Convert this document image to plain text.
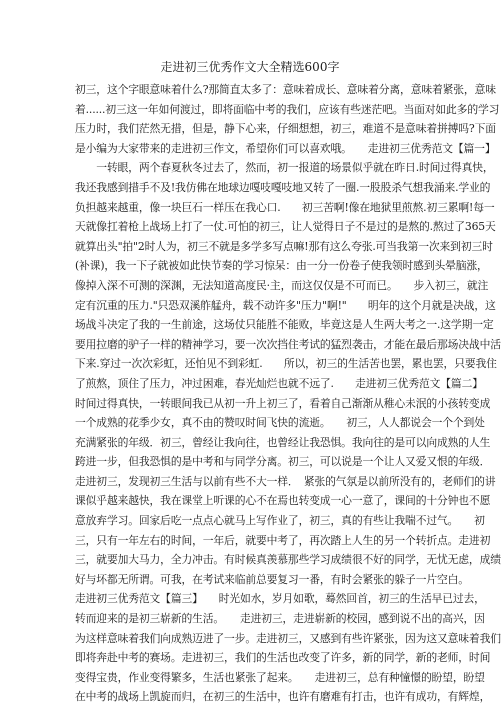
走进初三优秀作文大全精选600字
初三，这个字眼意味着什么?那简直太多了：意味着成长、意味着分离，意味着紧张，意味
着......初三这一年如何渡过，即将面临中考的我们，应该有些迷茫吧。当面对如此多的学习
压力时，我们茫然无措，但是，静下心来，仔细想想，初三，难道不是意味着拼搏吗?下面
是小编为大家带来的走进初三作文，希望你们可以喜欢哦。　　走进初三优秀范文【篇一】
　　一转眼，两个春夏秋冬过去了，然而，初一报道的场景似乎就在昨日.时间过得真快，
我还我感到措手不及!我仿佛在地球边嘎吱嘎吱地又转了一圈.一股股杀气想我涌来.学业的
负担越来越重，像一块巨石一样压在我心口.　　初三苦啊!像在地狱里煎熬.初三累啊!每一
天就像扛着枪上战场上打了一仗.可怕的初三，让人觉得日子不是过的是熬的.熬过了365天
就算出头"拍"2时人为，初三不就是多学多写点嘛!那有这么夸张.可当我第一次来到初三时
(补课)，我一下子就被如此快节奏的学习惊呆：由一分一份卷子使我领时感到头晕脑涨，
像掉入深不可测的深渊，无法知道高度民·主，而这仅仅是不可而已。　　步入初三，就注
定有沉重的压力."只恐双溪舴艋舟，载不动许多"压力"啊!"　　明年的这个月就是决战，这
场战斗决定了我的一生前途，这场仗只能胜不能败，毕竟这是人生两大考之一.这学期一定
要用拉磨的驴子一样的精神学习，要一次次挡住考试的猛烈袭击，才能在最后那场决战中活
下来.穿过一次次彩虹，还怕见不到彩虹.　　所以，初三的生活苦也罢，累也罢，只要我住
了煎熬，顶住了压力，冲过困难，春光灿烂也就不远了.　　走进初三优秀范文【篇二】
时间过得真快，一转眼间我已从初一升上初三了，看着自己渐渐从稚心未泯的小孩转变成
一个成熟的花季少女，真不由的赞叹时间飞快的流逝。　　初三，人人都说会一个个到处
充满紧张的年级．初三，曾经让我向往，也曾经让我恐惧。我向往的是可以向成熟的人生
跨进一步，但我恐惧的是中考和与同学分离。初三，可以说是一个让人又爱又恨的年级．
走进初三，发现初三生活与以前有些不大一样．　紧张的气氛是以前所没有的，老师们的讲
课似乎越来越快，我在课堂上听课的心不在焉也转变成一心一意了，课间的十分钟也不愿
意放弃学习。回家后吃一点点心就马上写作业了，初三，真的有些让我喘不过气。　　初
三，只有一年左右的时间，一年后，就要中考了，再次踏上人生的另一个转折点。走进初
三，就要加大马力，全力冲击。有时候真羡慕那些学习成绩很不好的同学，无忧无虑，成绩
好与坏都无所谓。可我，在考试来临前总要复习一番，有时会紧张的躲子一片空白。
走进初三优秀范文【篇三】　　时光如水，岁月如歌，蓦然回首，初三的生活早已过去，
转而迎来的是初三崭新的生活。　　走进初三，走进崭新的校园，感到说不出的高兴，因
为这样意味着我们向成熟迈进了一步。走进初三，又感到有些许紧张，因为这又意味着我们
即将奔赴中考的赛场。走进初三，我们的生活也改变了许多，新的同学，新的老师，时间
变得宝贵，作业变得繁多，生活也紧张了起来。　　走进初三，总有种憧憬的盼望，盼望
在中考的战场上凯旋而归，在初三的生活中，也许有磨难有打击，也许有成功，有辉煌，
